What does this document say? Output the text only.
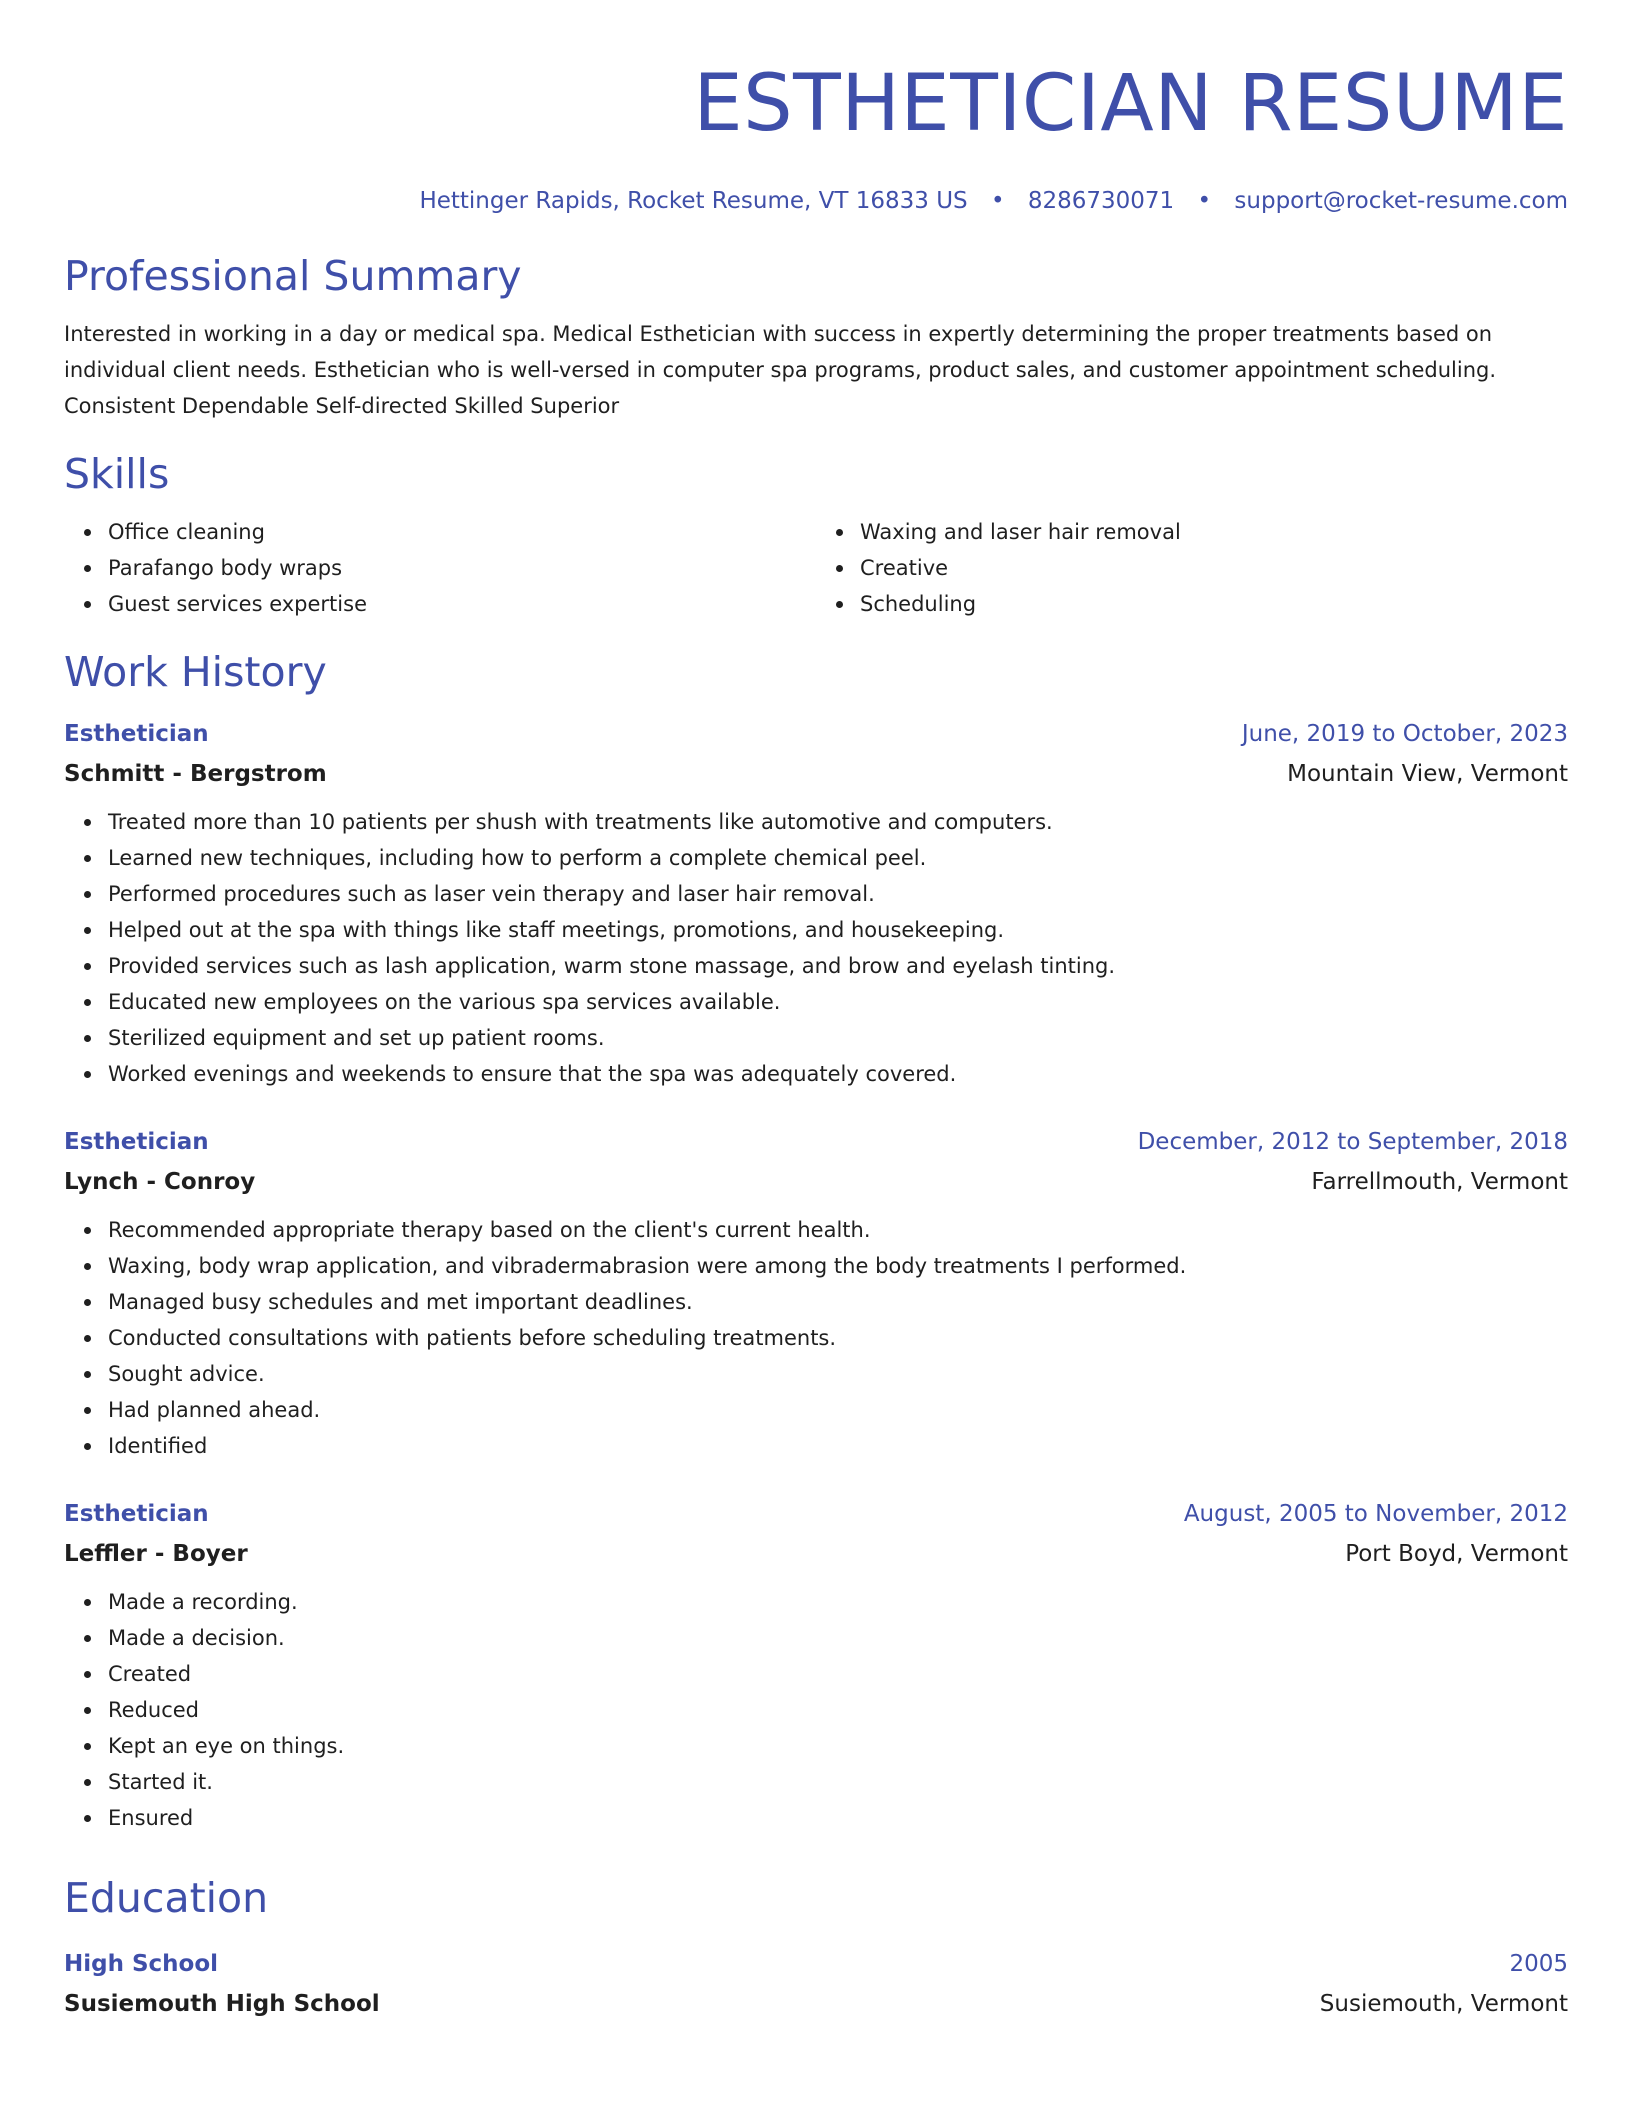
ESTHETICIAN RESUME
Hettinger Rapids, Rocket Resume, VT 16833 US • 8286730071 • support@rocket-resume.com
Professional Summary

Interested in working in a day or medical spa. Medical Esthetician with success in expertly determining the proper treatments based on individual client needs. Esthetician who is well-versed in computer spa programs, product sales, and customer appointment scheduling. Consistent Dependable Self-directed Skilled Superior

Skills
Office cleaning
Parafango body wraps
Guest services expertise
Waxing and laser hair removal
Creative
Scheduling
Work History
Esthetician	June, 2019 to October, 2023
Schmitt - Bergstrom	Mountain View, Vermont
Treated more than 10 patients per shush with treatments like automotive and computers.
Learned new techniques, including how to perform a complete chemical peel.
Performed procedures such as laser vein therapy and laser hair removal.
Helped out at the spa with things like staff meetings, promotions, and housekeeping.
Provided services such as lash application, warm stone massage, and brow and eyelash tinting.
Educated new employees on the various spa services available.
Sterilized equipment and set up patient rooms.
Worked evenings and weekends to ensure that the spa was adequately covered.
Esthetician	December, 2012 to September, 2018
Lynch - Conroy	Farrellmouth, Vermont
Recommended appropriate therapy based on the client's current health.
Waxing, body wrap application, and vibradermabrasion were among the body treatments I performed.
Managed busy schedules and met important deadlines.
Conducted consultations with patients before scheduling treatments.
Sought advice.
Had planned ahead.
Identified
Esthetician	August, 2005 to November, 2012
Leffler - Boyer	Port Boyd, Vermont
Made a recording.
Made a decision.
Created
Reduced
Kept an eye on things.
Started it.
Ensured
Education
High School	2005
Susiemouth High School	Susiemouth, Vermont
